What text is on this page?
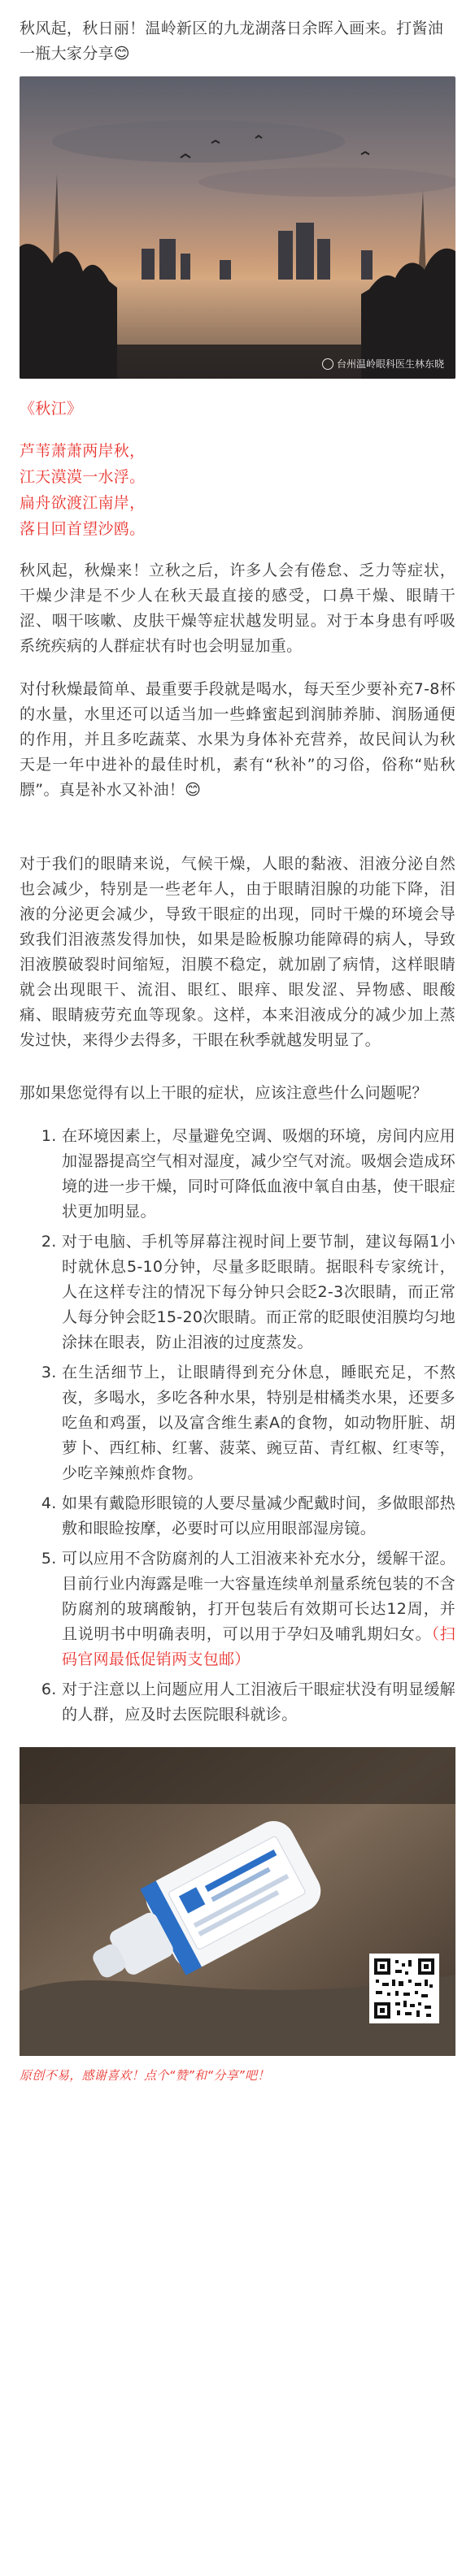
秋风起，秋日丽！温岭新区的九龙湖落日余晖入画来。打酱油一瓶大家分享😊

台州温岭眼科医生林东晓

《秋江》

芦苇萧萧两岸秋，

江天漠漠一水浮。

扁舟欲渡江南岸，

落日回首望沙鸥。

秋风起，秋燥来！立秋之后，许多人会有倦怠、乏力等症状，干燥少津是不少人在秋天最直接的感受，口鼻干燥、眼睛干涩、咽干咳嗽、皮肤干燥等症状越发明显。对于本身患有呼吸系统疾病的人群症状有时也会明显加重。

对付秋燥最简单、最重要手段就是喝水，每天至少要补充7-8杯的水量，水里还可以适当加一些蜂蜜起到润肺养肺、润肠通便的作用，并且多吃蔬菜、水果为身体补充营养，故民间认为秋天是一年中进补的最佳时机，素有“秋补”的习俗，俗称“贴秋膘”。真是补水又补油！😊

对于我们的眼睛来说，气候干燥，人眼的黏液、泪液分泌自然也会减少，特别是一些老年人，由于眼睛泪腺的功能下降，泪液的分泌更会减少，导致干眼症的出现，同时干燥的环境会导致我们泪液蒸发得加快，如果是睑板腺功能障碍的病人，导致泪液膜破裂时间缩短，泪膜不稳定，就加剧了病情，这样眼睛就会出现眼干、流泪、眼红、眼痒、眼发涩、异物感、眼酸痛、眼睛疲劳充血等现象。这样，本来泪液成分的减少加上蒸发过快，来得少去得多，干眼在秋季就越发明显了。

那如果您觉得有以上干眼的症状，应该注意些什么问题呢？

1. 在环境因素上，尽量避免空调、吸烟的环境，房间内应用加湿器提高空气相对湿度，减少空气对流。吸烟会造成环境的进一步干燥，同时可降低血液中氧自由基，使干眼症状更加明显。
2. 对于电脑、手机等屏幕注视时间上要节制，建议每隔1小时就休息5-10分钟，尽量多眨眼睛。据眼科专家统计，人在这样专注的情况下每分钟只会眨2-3次眼睛，而正常人每分钟会眨15-20次眼睛。而正常的眨眼使泪膜均匀地涂抹在眼表，防止泪液的过度蒸发。
3. 在生活细节上，让眼睛得到充分休息，睡眠充足，不熬夜，多喝水，多吃各种水果，特别是柑橘类水果，还要多吃鱼和鸡蛋，以及富含维生素A的食物，如动物肝脏、胡萝卜、西红柿、红薯、菠菜、豌豆苗、青红椒、红枣等，少吃辛辣煎炸食物。
4. 如果有戴隐形眼镜的人要尽量减少配戴时间，多做眼部热敷和眼睑按摩，必要时可以应用眼部湿房镜。
5. 可以应用不含防腐剂的人工泪液来补充水分，缓解干涩。目前行业内海露是唯一大容量连续单剂量系统包装的不含防腐剂的玻璃酸钠，打开包装后有效期可长达12周，并且说明书中明确表明，可以用于孕妇及哺乳期妇女。（扫码官网最低促销两支包邮）
6. 对于注意以上问题应用人工泪液后干眼症状没有明显缓解的人群，应及时去医院眼科就诊。

原创不易，感谢喜欢！点个“赞”和“分享”吧！
